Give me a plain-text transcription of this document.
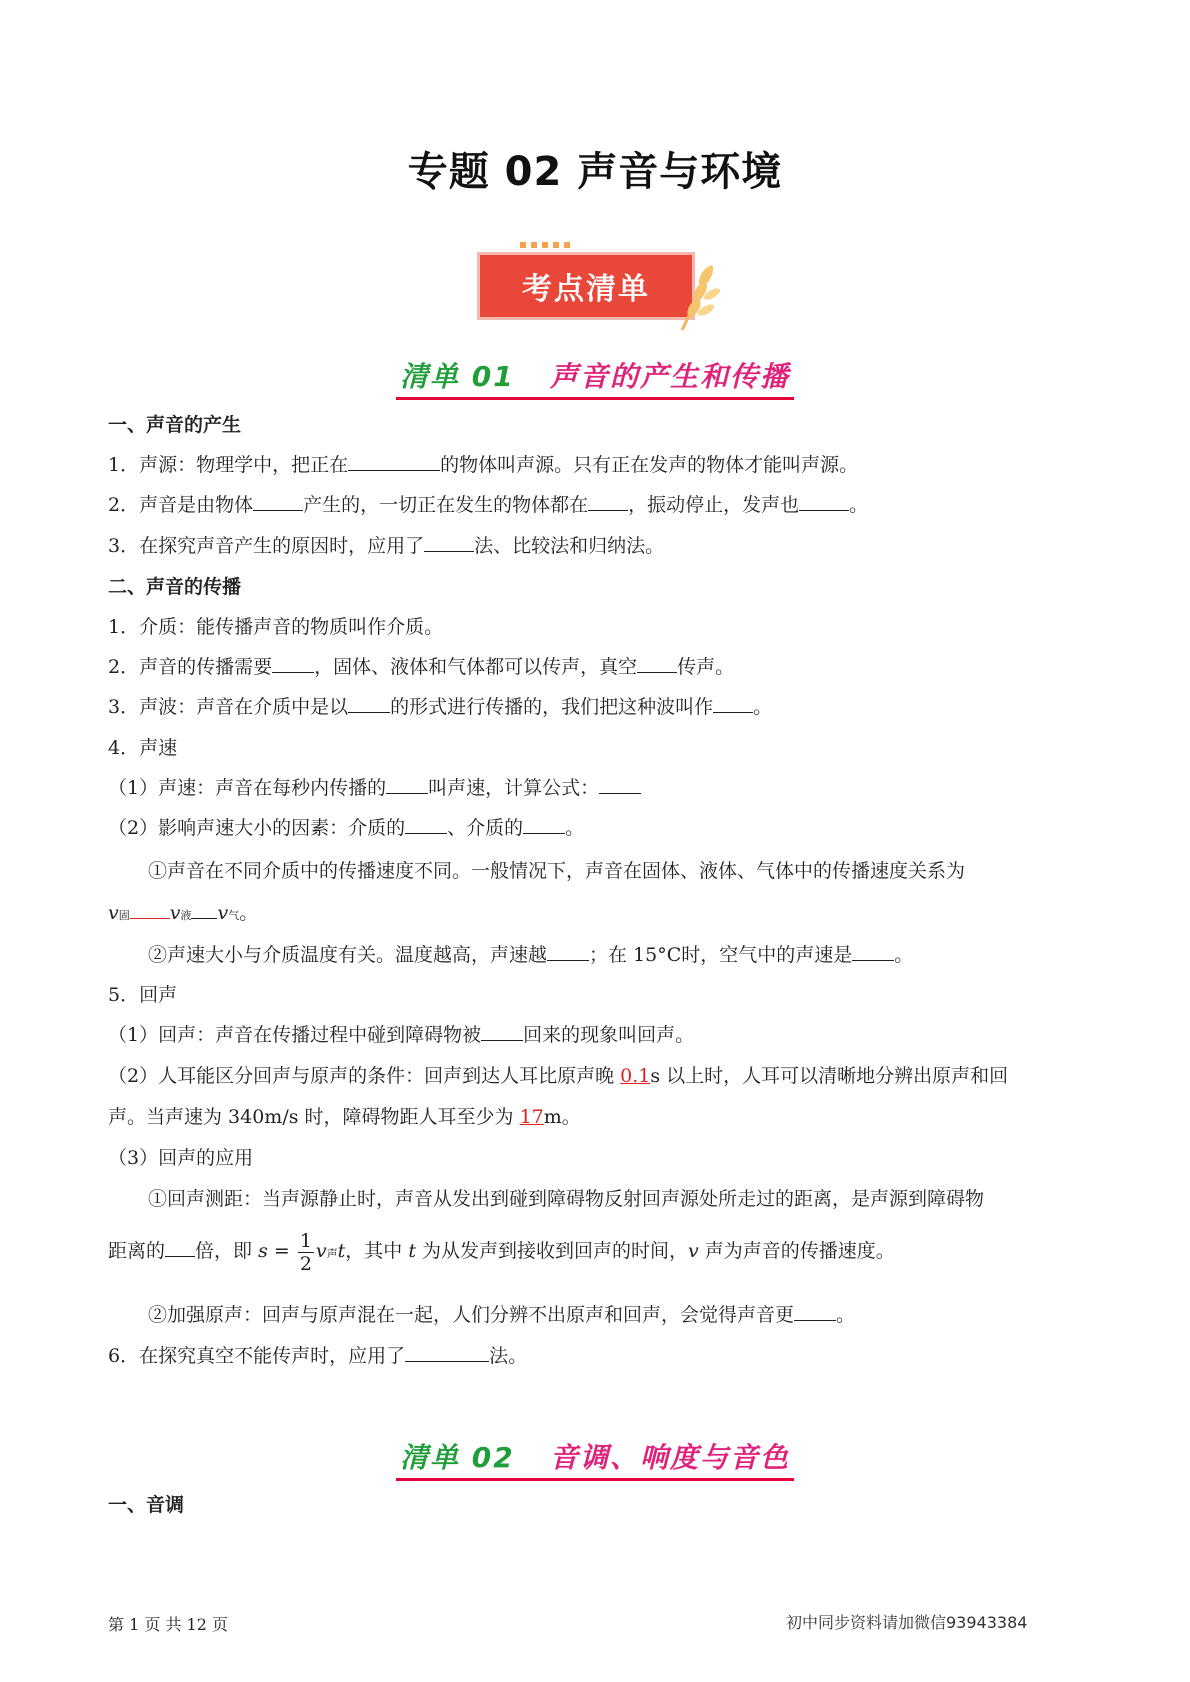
专题 02 声音与环境
考点清单
清单 01 声音的产生和传播
一、声音的产生
1．声源：物理学中，把正在	的物体叫声源。只有正在发声的物体才能叫声源。
2．声音是由物体	产生的，一切正在发生的物体都在 ，振动停止，发声也	。
3．在探究声音产生的原因时，应用了	法、比较法和归纳法。
二、声音的传播
1．介质：能传播声音的物质叫作介质。
2．声音的传播需要 ，固体、液体和气体都可以传声，真空 传声。
3．声波：声音在介质中是以 的形式进行传播的，我们把这种波叫作 。
4．声速
（1）声速：声音在每秒内传播的 叫声速，计算公式：
（2）影响声速大小的因素：介质的 、介质的 。
①声音在不同介质中的传播速度不同。一般情况下，声音在固体、液体、气体中的传播速度关系为
v固 v液 v气。
②声速大小与介质温度有关。温度越高，声速越 ；在 15°C时，空气中的声速是 。
5．回声
（1）回声：声音在传播过程中碰到障碍物被 回来的现象叫回声。
（2）人耳能区分回声与原声的条件：回声到达人耳比原声晚 0.1s 以上时，人耳可以清晰地分辨出原声和回
声。当声速为 340m/s 时，障碍物距人耳至少为 17m。
（3）回声的应用
①回声测距：当声源静止时，声音从发出到碰到障碍物反射回声源处所走过的距离，是声源到障碍物
距离的 倍，即 $s = \frac{1}{2}$ v声t，其中 t 为从发声到接收到回声的时间，v 声为声音的传播速度。
②加强原声：回声与原声混在一起，人们分辨不出原声和回声，会觉得声音更 。
6．在探究真空不能传声时，应用了	法。
清单 02 音调、响度与音色
一、音调
第 1 页 共 12 页	初中同步资料请加微信93943384
